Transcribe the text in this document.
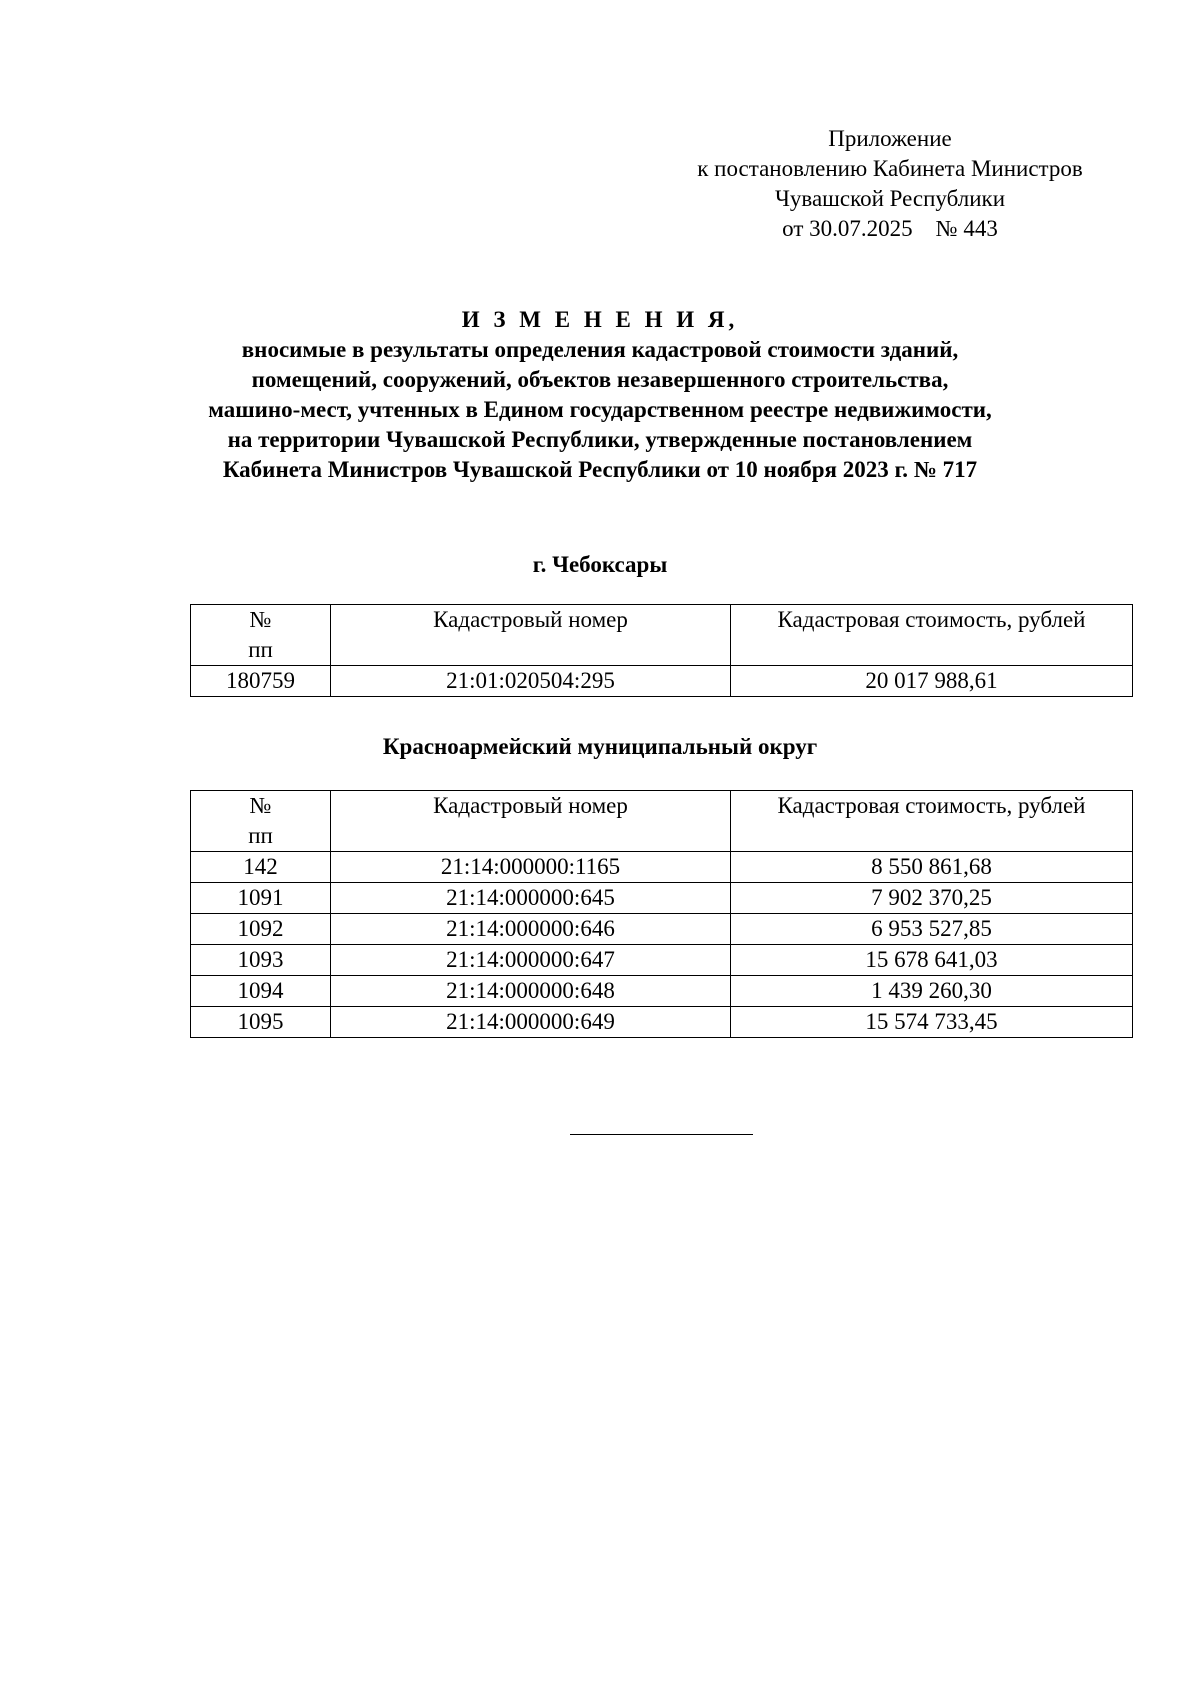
Приложение
к постановлению Кабинета Министров
Чувашской Республики
от 30.07.2025    № 443
И З М Е Н Е Н И Я,
вносимые в результаты определения кадастровой стоимости зданий,
помещений, сооружений, объектов незавершенного строительства,
машино-мест, учтенных в Едином государственном реестре недвижимости,
на территории Чувашской Республики, утвержденные постановлением
Кабинета Министров Чувашской Республики от 10 ноября 2023 г. № 717
г. Чебоксары
№
пп	Кадастровый номер	Кадастровая стоимость, рублей
180759	21:01:020504:295	20 017 988,61
Красноармейский муниципальный округ
№
пп	Кадастровый номер	Кадастровая стоимость, рублей
142	21:14:000000:1165	8 550 861,68
1091	21:14:000000:645	7 902 370,25
1092	21:14:000000:646	6 953 527,85
1093	21:14:000000:647	15 678 641,03
1094	21:14:000000:648	1 439 260,30
1095	21:14:000000:649	15 574 733,45
